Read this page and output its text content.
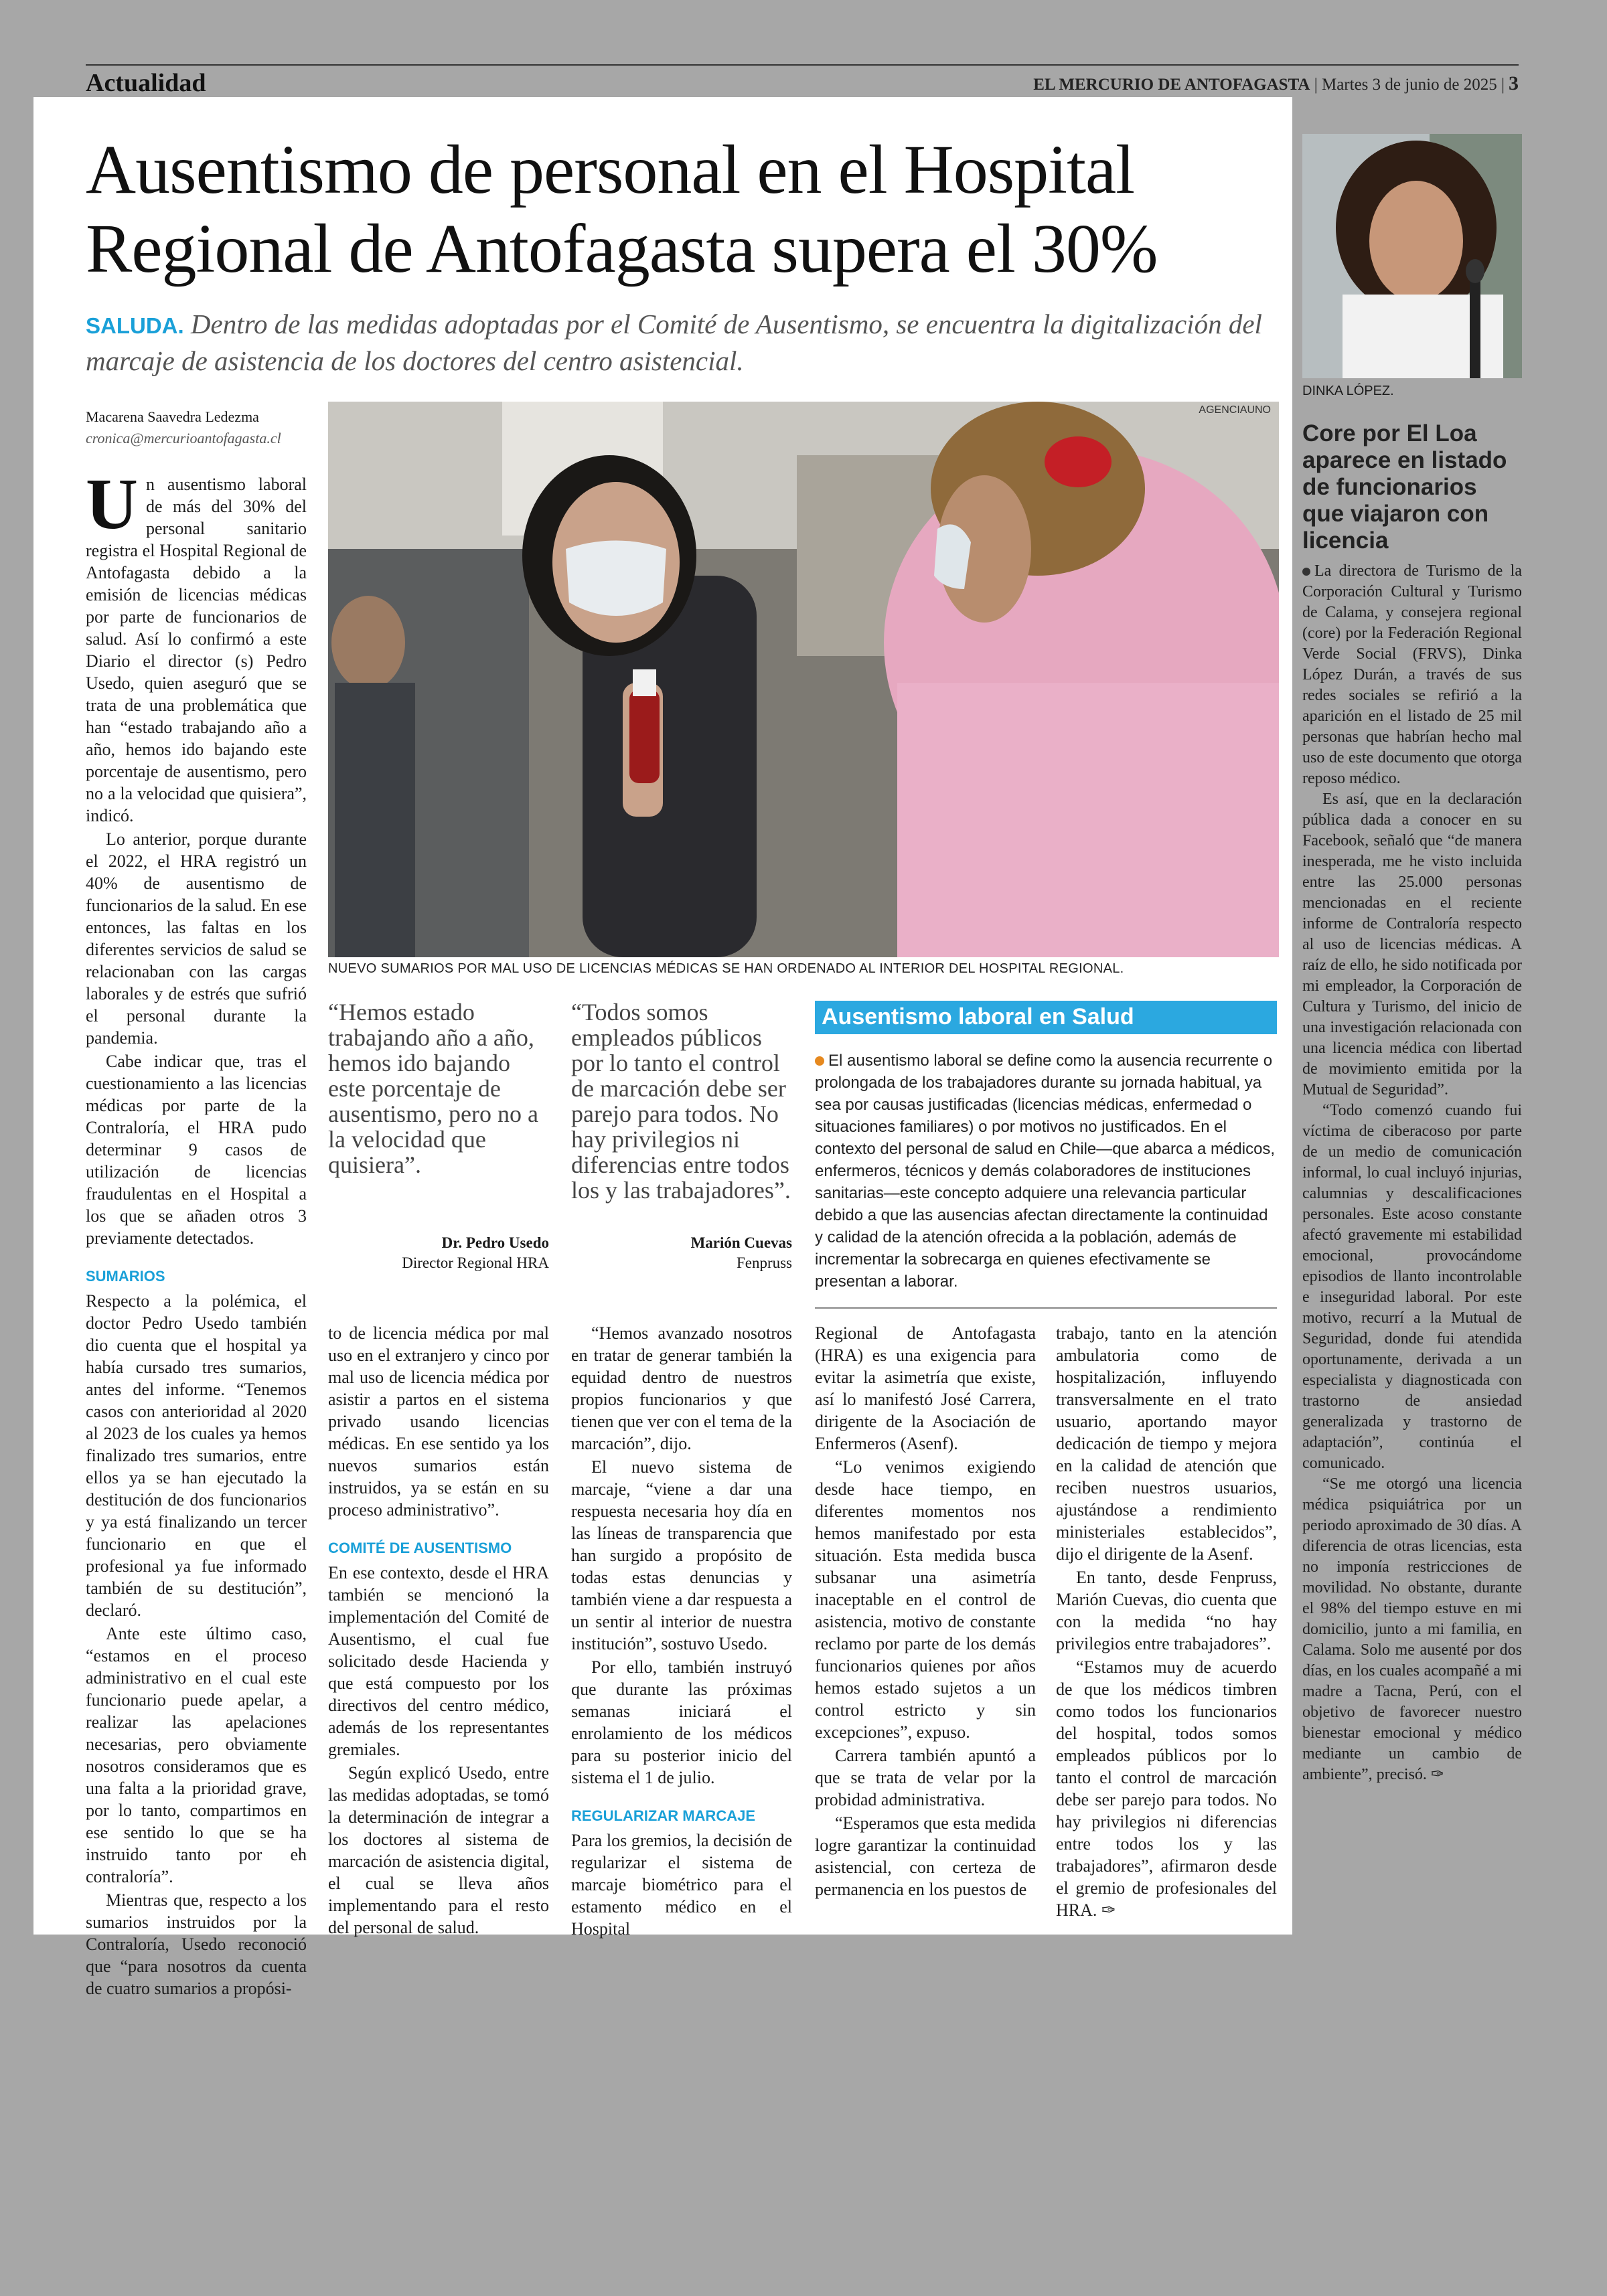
Actualidad	EL MERCURIO DE ANTOFAGASTA | Martes 3 de junio de 2025 | 3
Ausentismo de personal en el Hospital
Regional de Antofagasta supera el 30%
SALUDA. Dentro de las medidas adoptadas por el Comité de Ausentismo, se encuentra la digitalización del marcaje de asistencia de los doctores del centro asistencial.
Macarena Saavedra Ledezma
cronica@mercurioantofagasta.cl
AGENCIAUNO
NUEVO SUMARIOS POR MAL USO DE LICENCIAS MÉDICAS SE HAN ORDENADO AL INTERIOR DEL HOSPITAL REGIONAL.

Un ausentismo laboral de más del 30% del personal sanitario registra el Hospital Regional de Antofagasta debido a la emisión de licencias médicas por parte de funcionarios de salud. Así lo confirmó a este Diario el director (s) Pedro Usedo, quien aseguró que se trata de una problemática que han “estado trabajando año a año, hemos ido bajando este porcentaje de ausentismo, pero no a la velocidad que quisiera”, indicó.

Lo anterior, porque durante el 2022, el HRA registró un 40% de ausentismo de funcionarios de la salud. En ese entonces, las faltas en los diferentes servicios de salud se relacionaban con las cargas laborales y de estrés que sufrió el personal durante la pandemia.

Cabe indicar que, tras el cuestionamiento a las licencias médicas por parte de la Contraloría, el HRA pudo determinar 9 casos de utilización de licencias fraudulentas en el Hospital a los que se añaden otros 3 previamente detectados.

SUMARIOS

Respecto a la polémica, el doctor Pedro Usedo también dio cuenta que el hospital ya había cursado tres sumarios, antes del informe. “Tenemos casos con anterioridad al 2020 al 2023 de los cuales ya hemos finalizado tres sumarios, entre ellos ya se han ejecutado la destitución de dos funcionarios y ya está finalizando un tercer funcionario en que el profesional ya fue informado también de su destitución”, declaró.

Ante este último caso, “estamos en el proceso administrativo en el cual este funcionario puede apelar, a realizar las apelaciones necesarias, pero obviamente nosotros consideramos que es una falta a la prioridad grave, por lo tanto, compartimos en ese sentido lo que se ha instruido tanto por eh contraloría”.

Mientras que, respecto a los sumarios instruidos por la Contraloría, Usedo reconoció que “para nosotros da cuenta de cuatro sumarios a propósi-

“Hemos estado trabajando año a año, hemos ido bajando este porcentaje de ausentismo, pero no a la velocidad que quisiera”.
Dr. Pedro Usedo
Director Regional HRA
“Todos somos empleados públicos por lo tanto el control de marcación debe ser parejo para todos. No hay privilegios ni diferencias entre todos los y las trabajadores”.
Marión Cuevas
Fenpruss

to de licencia médica por mal uso en el extranjero y cinco por mal uso de licencia médica por asistir a partos en el sistema privado usando licencias médicas. En ese sentido ya los nuevos sumarios están instruidos, ya se están en su proceso administrativo”.

COMITÉ DE AUSENTISMO

En ese contexto, desde el HRA también se mencionó la implementación del Comité de Ausentismo, el cual fue solicitado desde Hacienda y que está compuesto por los directivos del centro médico, además de los representantes gremiales.

Según explicó Usedo, entre las medidas adoptadas, se tomó la determinación de integrar a los doctores al sistema de marcación de asistencia digital, el cual se lleva años implementando para el resto del personal de salud.

“Hemos avanzado nosotros en tratar de generar también la equidad dentro de nuestros propios funcionarios y que tienen que ver con el tema de la marcación”, dijo.

El nuevo sistema de marcaje, “viene a dar una respuesta necesaria hoy día en las líneas de transparencia que han surgido a propósito de todas estas denuncias y también viene a dar respuesta a un sentir al interior de nuestra institución”, sostuvo Usedo.

Por ello, también instruyó que durante las próximas semanas iniciará el enrolamiento de los médicos para su posterior inicio del sistema el 1 de julio.

REGULARIZAR MARCAJE

Para los gremios, la decisión de regularizar el sistema de marcaje biométrico para el estamento médico en el Hospital

Ausentismo laboral en Salud
El ausentismo laboral se define como la ausencia recurrente o prolongada de los trabajadores durante su jornada habitual, ya sea por causas justificadas (licencias médicas, enfermedad o situaciones familiares) o por motivos no justificados. En el contexto del personal de salud en Chile—que abarca a médicos, enfermeros, técnicos y demás colaboradores de instituciones sanitarias—este concepto adquiere una relevancia particular debido a que las ausencias afectan directamente la continuidad y calidad de la atención ofrecida a la población, además de incrementar la sobrecarga en quienes efectivamente se presentan a laborar.

Regional de Antofagasta (HRA) es una exigencia para evitar la asimetría que existe, así lo manifestó José Carrera, dirigente de la Asociación de Enfermeros (Asenf).

“Lo venimos exigiendo desde hace tiempo, en diferentes momentos nos hemos manifestado por esta situación. Esta medida busca subsanar una asimetría inaceptable en el control de asistencia, motivo de constante reclamo por parte de los demás funcionarios quienes por años hemos estado sujetos a un control estricto y sin excepciones”, expuso.

Carrera también apuntó a que se trata de velar por la probidad administrativa.

“Esperamos que esta medida logre garantizar la continuidad asistencial, con certeza de permanencia en los puestos de

trabajo, tanto en la atención ambulatoria como de hospitalización, influyendo transversalmente en el trato usuario, aportando mayor dedicación de tiempo y mejora en la calidad de atención que reciben nuestros usuarios, ajustándose a rendimiento ministeriales establecidos”, dijo el dirigente de la Asenf.

En tanto, desde Fenpruss, Marión Cuevas, dio cuenta que con la medida “no hay privilegios entre trabajadores”.

“Estamos muy de acuerdo de que los médicos timbren como todos los funcionarios del hospital, todos somos empleados públicos por lo tanto el control de marcación debe ser parejo para todos. No hay privilegios ni diferencias entre todos los y las trabajadores”, afirmaron desde el gremio de profesionales del HRA. ✑

DINKA LÓPEZ.
Core por El Loa aparece en listado de funcionarios que viajaron con licencia

La directora de Turismo de la Corporación Cultural y Turismo de Calama, y consejera regional (core) por la Federación Regional Verde Social (FRVS), Dinka López Durán, a través de sus redes sociales se refirió a la aparición en el listado de 25 mil personas que habrían hecho mal uso de este documento que otorga reposo médico.

Es así, que en la declaración pública dada a conocer en su Facebook, señaló que “de manera inesperada, me he visto incluida entre las 25.000 personas mencionadas en el reciente informe de Contraloría respecto al uso de licencias médicas. A raíz de ello, he sido notificada por mi empleador, la Corporación de Cultura y Turismo, del inicio de una investigación relacionada con una licencia médica con libertad de movimiento emitida por la Mutual de Seguridad”.

“Todo comenzó cuando fui víctima de ciberacoso por parte de un medio de comunicación informal, lo cual incluyó injurias, calumnias y descalificaciones personales. Este acoso constante afectó gravemente mi estabilidad emocional, provocándome episodios de llanto incontrolable e inseguridad laboral. Por este motivo, recurrí a la Mutual de Seguridad, donde fui atendida oportunamente, derivada a un especialista y diagnosticada con trastorno de ansiedad generalizada y trastorno de adaptación”, continúa el comunicado.

“Se me otorgó una licencia médica psiquiátrica por un periodo aproximado de 30 días. A diferencia de otras licencias, esta no imponía restricciones de movilidad. No obstante, durante el 98% del tiempo estuve en mi domicilio, junto a mi familia, en Calama. Solo me ausenté por dos días, en los cuales acompañé a mi madre a Tacna, Perú, con el objetivo de favorecer nuestro bienestar emocional y médico mediante un cambio de ambiente”, precisó. ✑
